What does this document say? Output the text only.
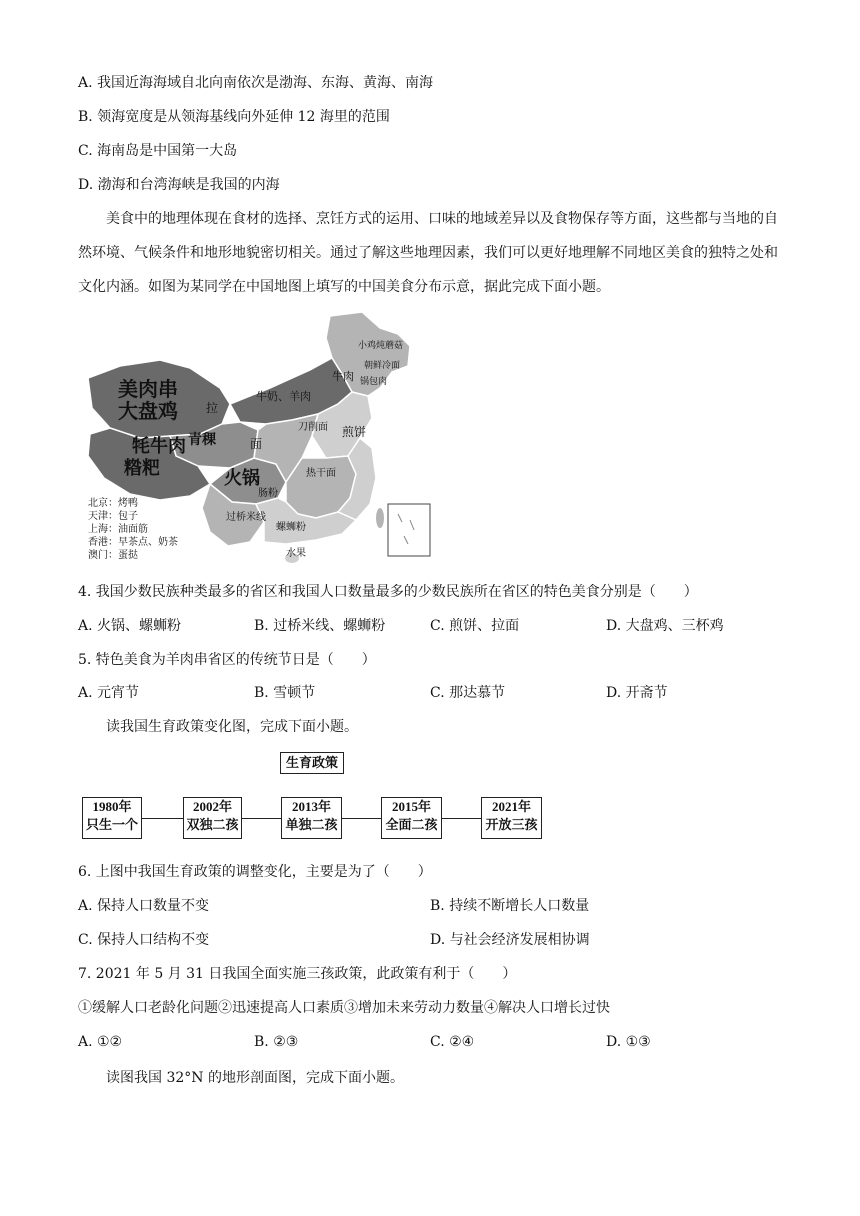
A. 我国近海海域自北向南依次是渤海、东海、黄海、南海
B. 领海宽度是从领海基线向外延伸 12 海里的范围
C. 海南岛是中国第一大岛
D. 渤海和台湾海峡是我国的内海
美食中的地理体现在食材的选择、烹饪方式的运用、口味的地域差异以及食物保存等方面，这些都与当地的自然环境、气候条件和地形地貌密切相关。通过了解这些地理因素，我们可以更好地理解不同地区美食的独特之处和文化内涵。如图为某同学在中国地图上填写的中国美食分布示意，据此完成下面小题。
美肉串
大盘鸡
牦牛肉
糌粑
青稞
火锅
拉
面
牛奶、羊肉
牛肉
刀削面 煎饼
过桥米线
螺蛳粉
热干面
肠粉
水果
小鸡炖蘑菇
锅包肉
朝鲜冷面
北京：烤鸭
天津：包子
上海：油面筋
香港：早茶点、奶茶
澳门：蛋挞
4. 我国少数民族种类最多的省区和我国人口数量最多的少数民族所在省区的特色美食分别是（　　）
A. 火锅、螺蛳粉	B. 过桥米线、螺蛳粉	C. 煎饼、拉面	D. 大盘鸡、三杯鸡
5. 特色美食为羊肉串省区的传统节日是（　　）
A. 元宵节	B. 雪顿节	C. 那达慕节	D. 开斋节
读我国生育政策变化图，完成下面小题。
生育政策
1980年
只生一个
2002年
双独二孩
2013年
单独二孩
2015年
全面二孩
2021年
开放三孩
6. 上图中我国生育政策的调整变化，主要是为了（　　）
A. 保持人口数量不变	B. 持续不断增长人口数量
C. 保持人口结构不变	D. 与社会经济发展相协调
7. 2021 年 5 月 31 日我国全面实施三孩政策，此政策有利于（　　）
①缓解人口老龄化问题②迅速提高人口素质③增加未来劳动力数量④解决人口增长过快
A. ①②	B. ②③	C. ②④	D. ①③
读图我国 32°N 的地形剖面图，完成下面小题。
